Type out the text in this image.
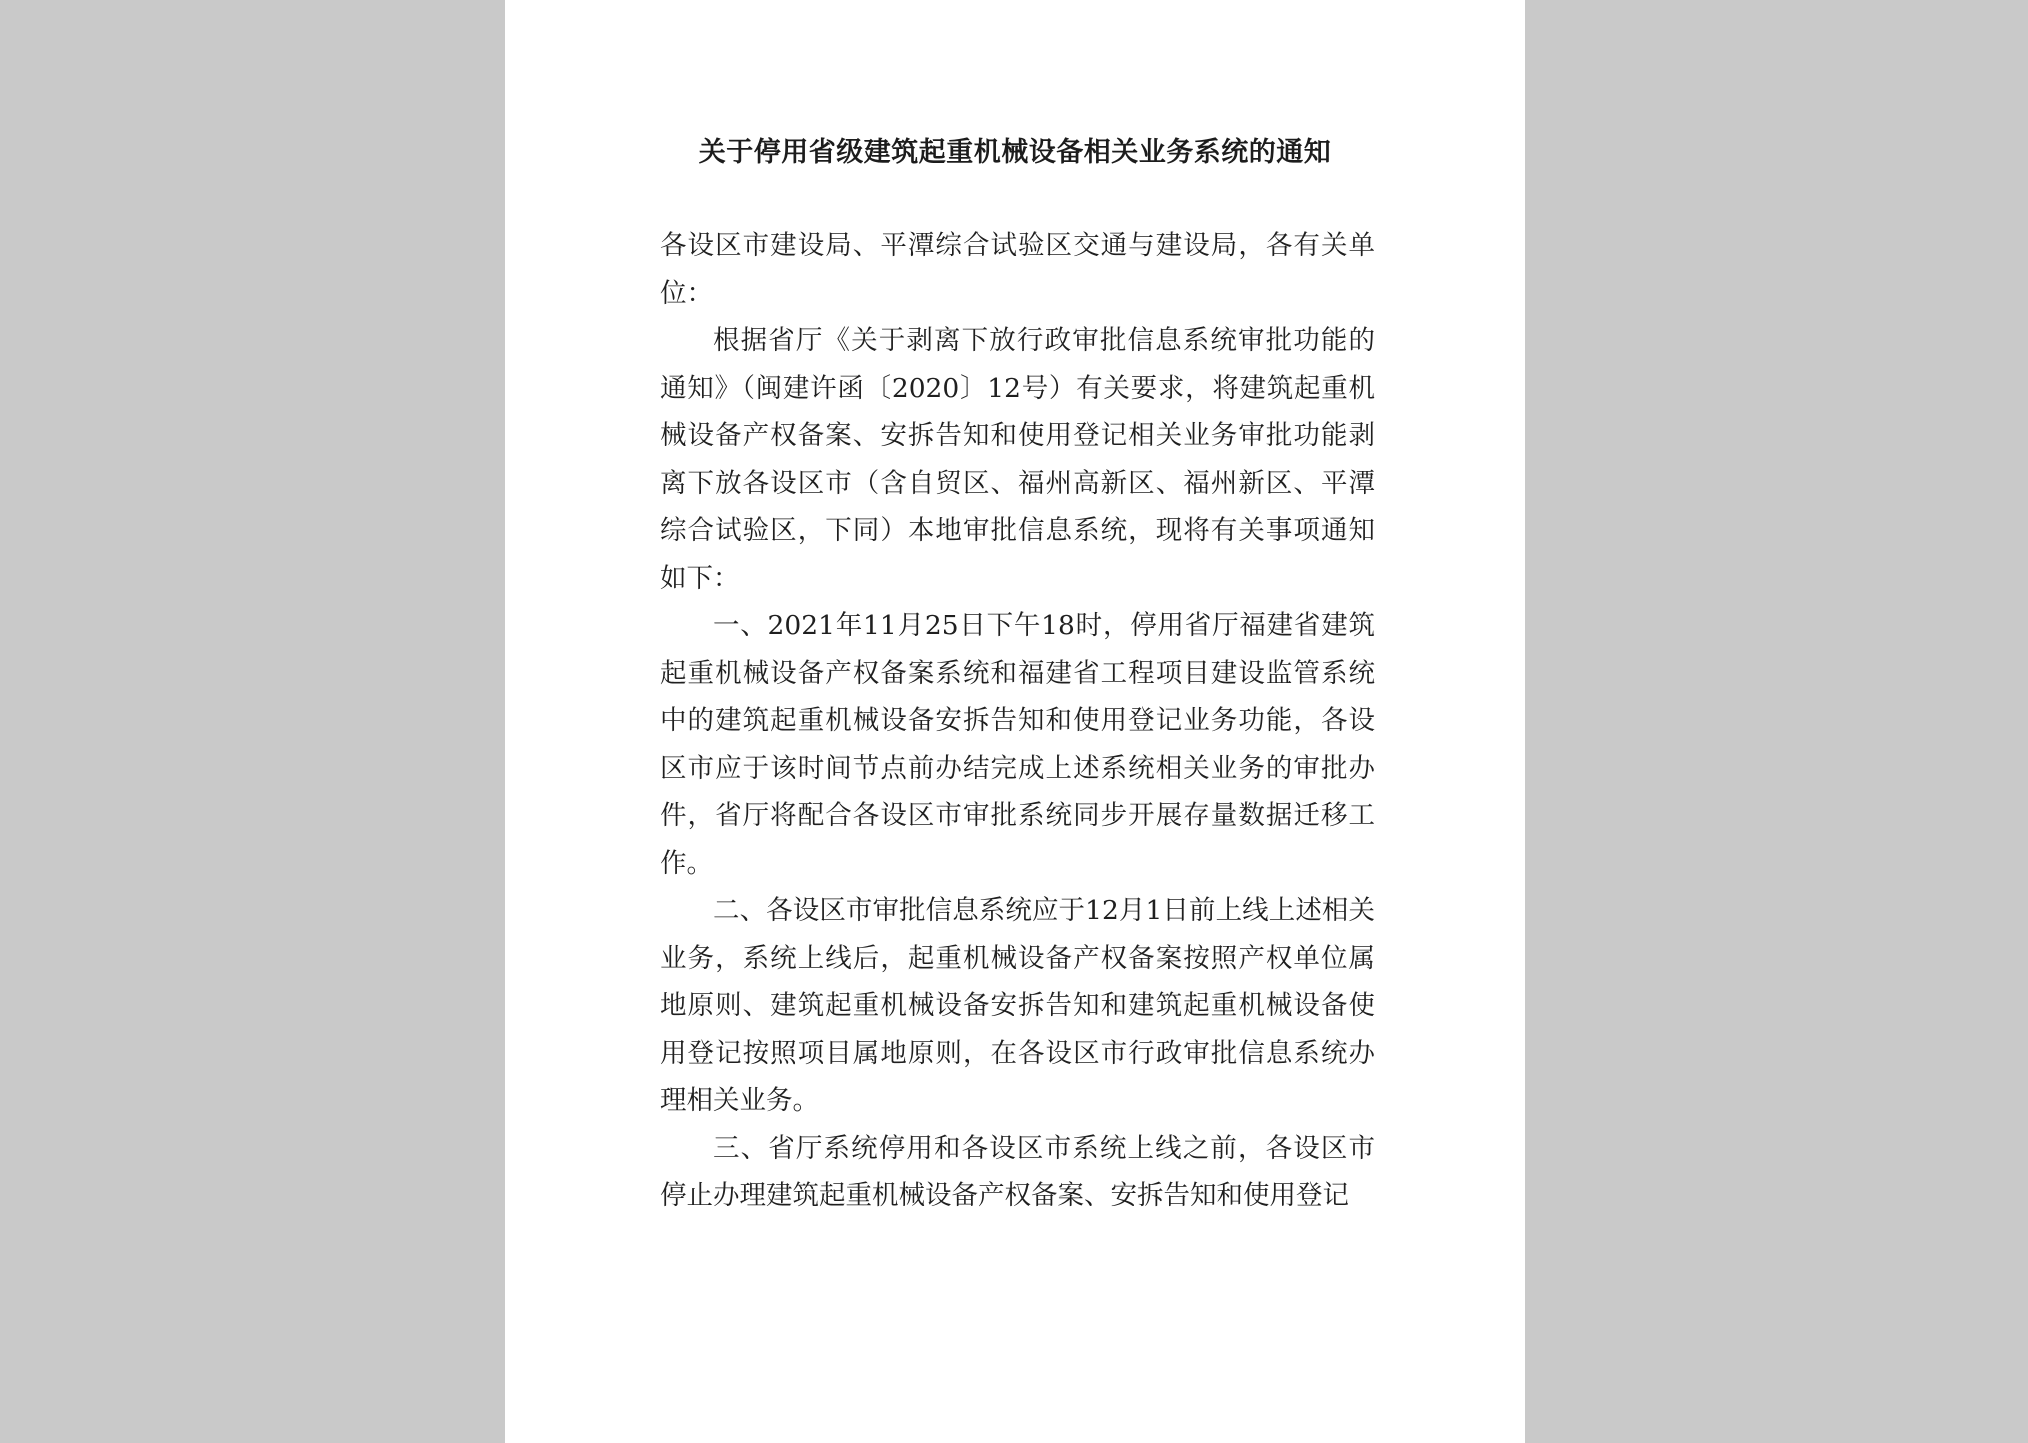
关于停用省级建筑起重机械设备相关业务系统的通知

各设区市建设局、平潭综合试验区交通与建设局，各有关单位：

根据省厅《关于剥离下放行政审批信息系统审批功能的通知》（闽建许函〔2020〕12号）有关要求，将建筑起重机械设备产权备案、安拆告知和使用登记相关业务审批功能剥离下放各设区市（含自贸区、福州高新区、福州新区、平潭综合试验区，下同）本地审批信息系统，现将有关事项通知如下：

一、2021年11月25日下午18时，停用省厅福建省建筑起重机械设备产权备案系统和福建省工程项目建设监管系统中的建筑起重机械设备安拆告知和使用登记业务功能，各设区市应于该时间节点前办结完成上述系统相关业务的审批办件，省厅将配合各设区市审批系统同步开展存量数据迁移工作。

二、各设区市审批信息系统应于12月1日前上线上述相关业务，系统上线后，起重机械设备产权备案按照产权单位属地原则、建筑起重机械设备安拆告知和建筑起重机械设备使用登记按照项目属地原则，在各设区市行政审批信息系统办理相关业务。

三、省厅系统停用和各设区市系统上线之前，各设区市停止办理建筑起重机械设备产权备案、安拆告知和使用登记
